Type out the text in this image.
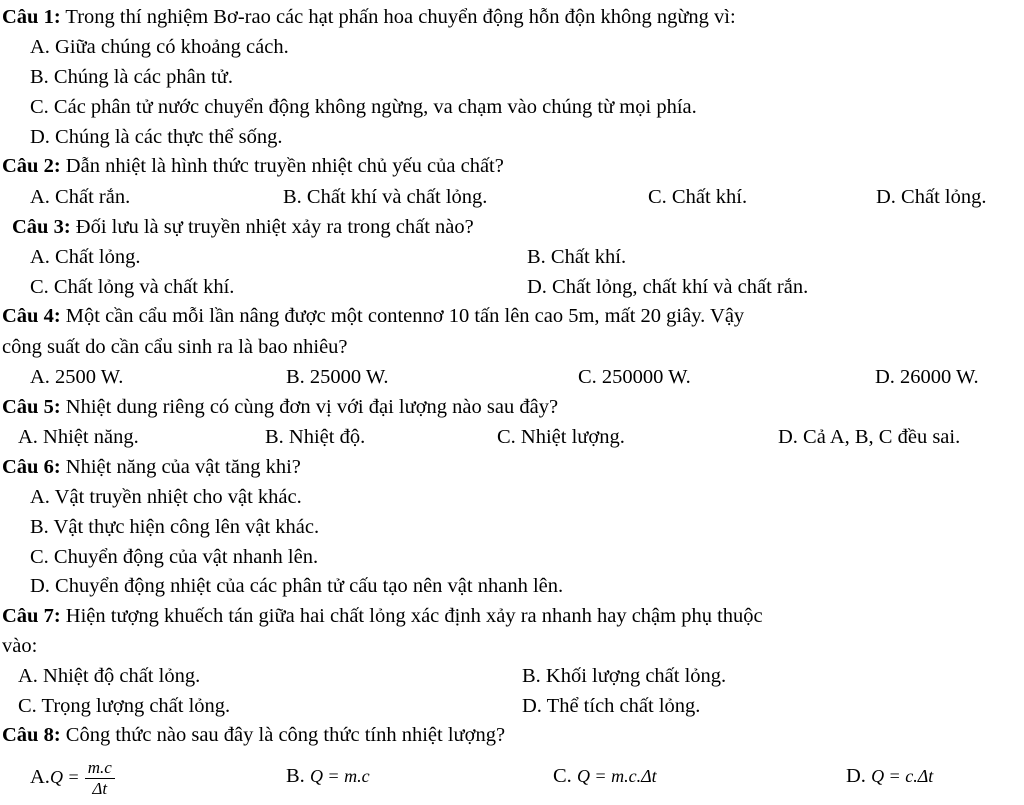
Câu 1: Trong thí nghiệm Bơ-rao các hạt phấn hoa chuyển động hỗn độn không ngừng vì:
A. Giữa chúng có khoảng cách.
B. Chúng là các phân tử.
C. Các phân tử nước chuyển động không ngừng, va chạm vào chúng từ mọi phía.
D. Chúng là các thực thể sống.
Câu 2: Dẫn nhiệt là hình thức truyền nhiệt chủ yếu của chất?
A. Chất rắn.	B. Chất khí và chất lỏng.	C. Chất khí.	D. Chất lỏng.
Câu 3: Đối lưu là sự truyền nhiệt xảy ra trong chất nào?
A. Chất lỏng.	B. Chất khí.
C. Chất lỏng và chất khí.	D. Chất lỏng, chất khí và chất rắn.
Câu 4: Một cần cẩu mỗi lần nâng được một contennơ 10 tấn lên cao 5m, mất 20 giây. Vậy
công suất do cần cẩu sinh ra là bao nhiêu?
A. 2500 W.	B. 25000 W.	C. 250000 W.	D. 26000 W.
Câu 5: Nhiệt dung riêng có cùng đơn vị với đại lượng nào sau đây?
A. Nhiệt năng.	B. Nhiệt độ.	C. Nhiệt lượng.	D. Cả A, B, C đều sai.
Câu 6: Nhiệt năng của vật tăng khi?
A. Vật truyền nhiệt cho vật khác.
B. Vật thực hiện công lên vật khác.
C. Chuyển động của vật nhanh lên.
D. Chuyển động nhiệt của các phân tử cấu tạo nên vật nhanh lên.
Câu 7: Hiện tượng khuếch tán giữa hai chất lỏng xác định xảy ra nhanh hay chậm phụ thuộc
vào:
A. Nhiệt độ chất lỏng.	B. Khối lượng chất lỏng.
C. Trọng lượng chất lỏng.	D. Thể tích chất lỏng.
Câu 8: Công thức nào sau đây là công thức tính nhiệt lượng?
$A.Q = \frac{m.c}{\Delta t}$	B. Q = m.c	C. Q = m.c.Δt	D. Q = c.Δt
